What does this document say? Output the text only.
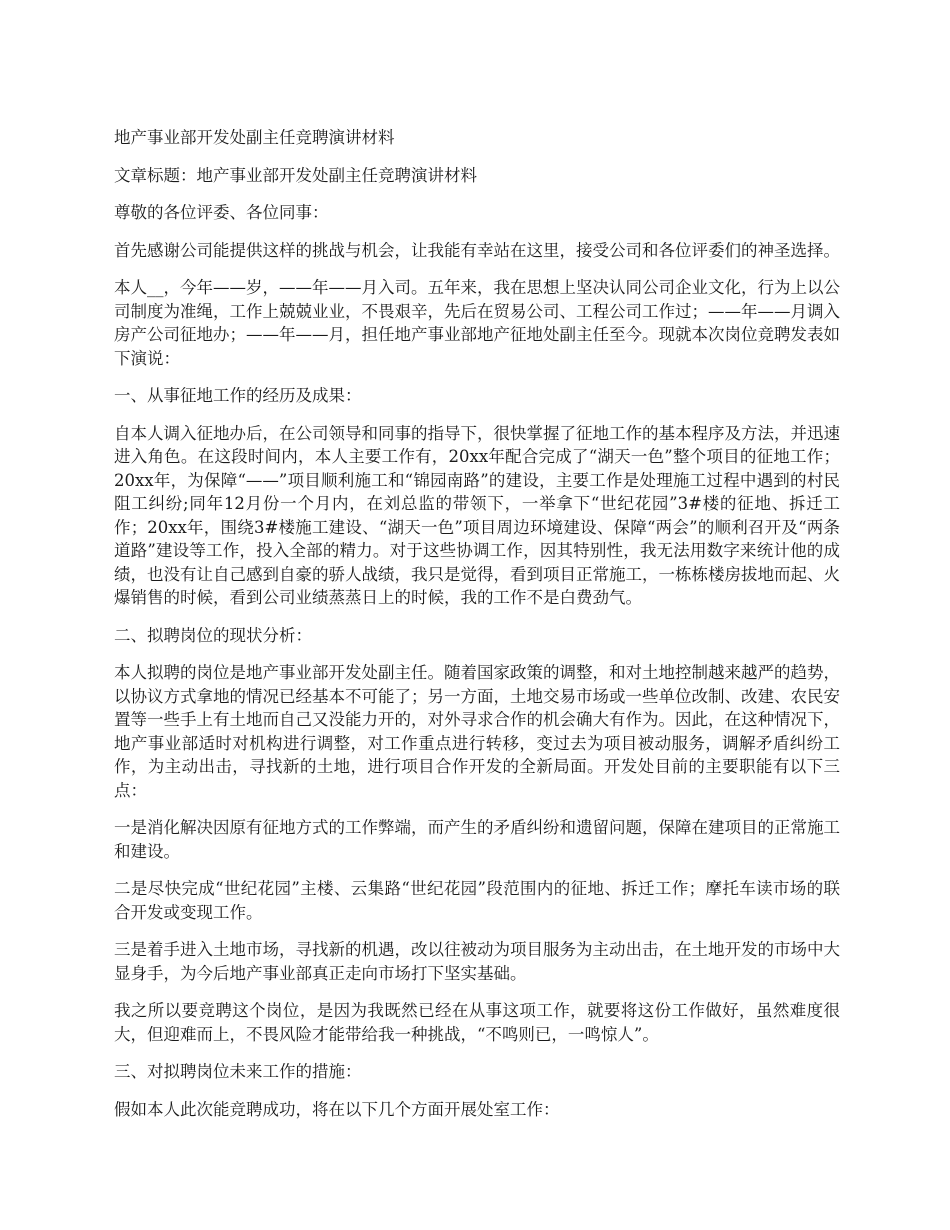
地产事业部开发处副主任竞聘演讲材料

文章标题：地产事业部开发处副主任竞聘演讲材料

尊敬的各位评委、各位同事：

首先感谢公司能提供这样的挑战与机会，让我能有幸站在这里，接受公司和各位评委们的神圣选择。

本人__，今年——岁，——年——月入司。五年来，我在思想上坚决认同公司企业文化，行为上以公司制度为准绳，工作上兢兢业业，不畏艰辛，先后在贸易公司、工程公司工作过；——年——月调入房产公司征地办；——年——月，担任地产事业部地产征地处副主任至今。现就本次岗位竞聘发表如下演说：

一、从事征地工作的经历及成果：

自本人调入征地办后，在公司领导和同事的指导下，很快掌握了征地工作的基本程序及方法，并迅速进入角色。在这段时间内，本人主要工作有，20xx年配合完成了“湖天一色”整个项目的征地工作；20xx年，为保障“——”项目顺利施工和“锦园南路”的建设，主要工作是处理施工过程中遇到的村民阻工纠纷;同年12月份一个月内，在刘总监的带领下，一举拿下“世纪花园”3#楼的征地、拆迁工作；20xx年，围绕3#楼施工建设、“湖天一色”项目周边环境建设、保障“两会”的顺利召开及“两条道路”建设等工作，投入全部的精力。对于这些协调工作，因其特别性，我无法用数字来统计他的成绩，也没有让自己感到自豪的骄人战绩，我只是觉得，看到项目正常施工，一栋栋楼房拔地而起、火爆销售的时候，看到公司业绩蒸蒸日上的时候，我的工作不是白费劲气。

二、拟聘岗位的现状分析：

本人拟聘的岗位是地产事业部开发处副主任。随着国家政策的调整，和对土地控制越来越严的趋势，以协议方式拿地的情况已经基本不可能了；另一方面，土地交易市场或一些单位改制、改建、农民安置等一些手上有土地而自己又没能力开的，对外寻求合作的机会确大有作为。因此，在这种情况下，地产事业部适时对机构进行调整，对工作重点进行转移，变过去为项目被动服务，调解矛盾纠纷工作，为主动出击，寻找新的土地，进行项目合作开发的全新局面。开发处目前的主要职能有以下三点：

一是消化解决因原有征地方式的工作弊端，而产生的矛盾纠纷和遗留问题，保障在建项目的正常施工和建设。

二是尽快完成“世纪花园”主楼、云集路“世纪花园”段范围内的征地、拆迁工作；摩托车读市场的联合开发或变现工作。

三是着手进入土地市场，寻找新的机遇，改以往被动为项目服务为主动出击，在土地开发的市场中大显身手，为今后地产事业部真正走向市场打下坚实基础。

我之所以要竞聘这个岗位，是因为我既然已经在从事这项工作，就要将这份工作做好，虽然难度很大，但迎难而上，不畏风险才能带给我一种挑战，“不鸣则已，一鸣惊人”。

三、对拟聘岗位未来工作的措施：

假如本人此次能竞聘成功，将在以下几个方面开展处室工作：
